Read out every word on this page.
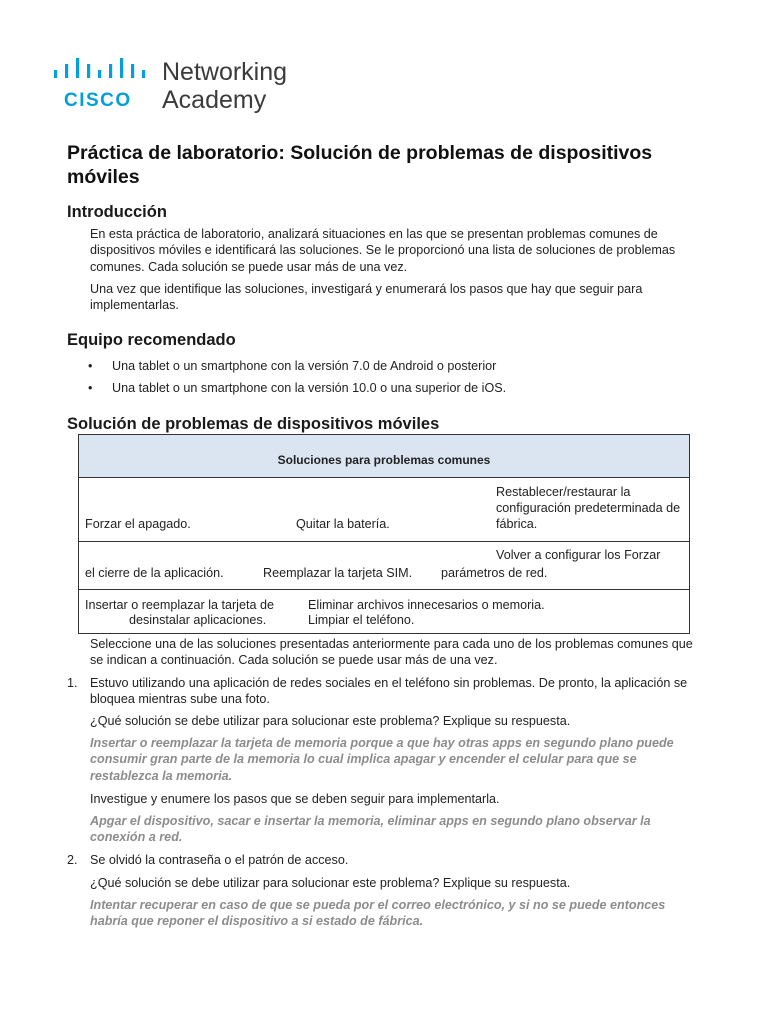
CISCO
Networking
Academy
Práctica de laboratorio: Solución de problemas de dispositivos móviles
Introducción

En esta práctica de laboratorio, analizará situaciones en las que se presentan problemas comunes de dispositivos móviles e identificará las soluciones. Se le proporcionó una lista de soluciones de problemas comunes. Cada solución se puede usar más de una vez.

Una vez que identifique las soluciones, investigará y enumerará los pasos que hay que seguir para implementarlas.

Equipo recomendado
• Una tablet o un smartphone con la versión 7.0 de Android o posterior
• Una tablet o un smartphone con la versión 10.0 o una superior de iOS.
Solución de problemas de dispositivos móviles
Soluciones para problemas comunes
Forzar el apagado.	Quitar la batería.
Restablecer/restaurar la
configuración predeterminada de
fábrica.
Volver a configurar los Forzar
el cierre de la aplicación.	Reemplazar la tarjeta SIM. parámetros de red.
Insertar o reemplazar la tarjeta de
desinstalar aplicaciones.
Eliminar archivos innecesarios o memoria.
Limpiar el teléfono.

Seleccione una de las soluciones presentadas anteriormente para cada uno de los problemas comunes que se indican a continuación. Cada solución se puede usar más de una vez.

1. Estuvo utilizando una aplicación de redes sociales en el teléfono sin problemas. De pronto, la aplicación se bloquea mientras sube una foto.

¿Qué solución se debe utilizar para solucionar este problema? Explique su respuesta.

Insertar o reemplazar la tarjeta de memoria porque a que hay otras apps en segundo plano puede consumir gran parte de la memoria lo cual implica apagar y encender el celular para que se restablezca la memoria.

Investigue y enumere los pasos que se deben seguir para implementarla.

Apgar el dispositivo, sacar e insertar la memoria, eliminar apps en segundo plano observar la conexión a red.

2. Se olvidó la contraseña o el patrón de acceso.

¿Qué solución se debe utilizar para solucionar este problema? Explique su respuesta.

Intentar recuperar en caso de que se pueda por el correo electrónico, y si no se puede entonces habría que reponer el dispositivo a si estado de fábrica.
